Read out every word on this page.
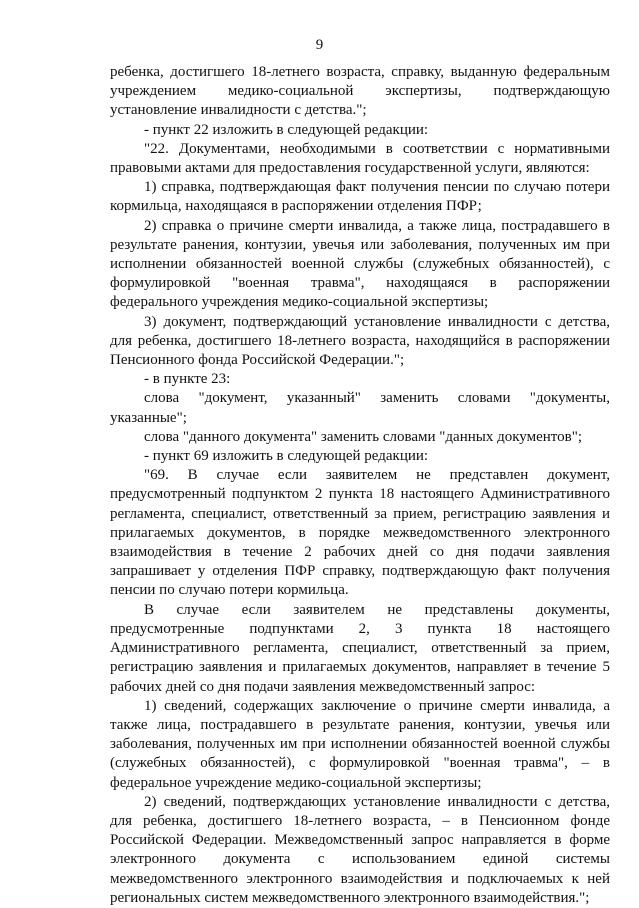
9

ребенка, достигшего 18-летнего возраста, справку, выданную федеральным учреждением медико-социальной экспертизы, подтверждающую установление инвалидности с детства.";

- пункт 22 изложить в следующей редакции:

"22. Документами, необходимыми в соответствии с нормативными правовыми актами для предоставления государственной услуги, являются:

1) справка, подтверждающая факт получения пенсии по случаю потери кормильца, находящаяся в распоряжении отделения ПФР;

2) справка о причине смерти инвалида, а также лица, пострадавшего в результате ранения, контузии, увечья или заболевания, полученных им при исполнении обязанностей военной службы (служебных обязанностей), с формулировкой "военная травма", находящаяся в распоряжении федерального учреждения медико-социальной экспертизы;

3) документ, подтверждающий установление инвалидности с детства, для ребенка, достигшего 18-летнего возраста, находящийся в распоряжении Пенсионного фонда Российской Федерации.";

- в пункте 23:

слова "документ, указанный" заменить словами "документы, указанные";

слова "данного документа" заменить словами "данных документов";

- пункт 69 изложить в следующей редакции:

"69. В случае если заявителем не представлен документ, предусмотренный подпунктом 2 пункта 18 настоящего Административного регламента, специалист, ответственный за прием, регистрацию заявления и прилагаемых документов, в порядке межведомственного электронного взаимодействия в течение 2 рабочих дней со дня подачи заявления запрашивает у отделения ПФР справку, подтверждающую факт получения пенсии по случаю потери кормильца.

В случае если заявителем не представлены документы, предусмотренные подпунктами 2, 3 пункта 18 настоящего Административного регламента, специалист, ответственный за прием, регистрацию заявления и прилагаемых документов, направляет в течение 5 рабочих дней со дня подачи заявления межведомственный запрос:

1) сведений, содержащих заключение о причине смерти инвалида, а также лица, пострадавшего в результате ранения, контузии, увечья или заболевания, полученных им при исполнении обязанностей военной службы (служебных обязанностей), с формулировкой "военная травма", – в федеральное учреждение медико-социальной экспертизы;

2) сведений, подтверждающих установление инвалидности с детства, для ребенка, достигшего 18-летнего возраста, – в Пенсионном фонде Российской Федерации. Межведомственный запрос направляется в форме электронного документа с использованием единой системы межведомственного электронного взаимодействия и подключаемых к ней региональных систем межведомственного электронного взаимодействия.";
